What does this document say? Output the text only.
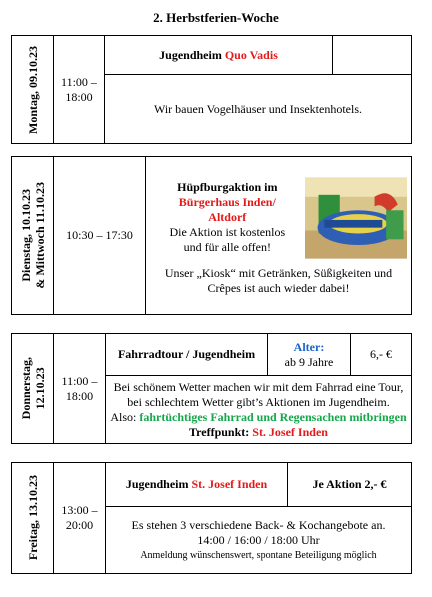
2. Herbstferien-Woche
Montag, 09.10.23	11:00 – 18:00	Jugendheim Quo Vadis	
Wir bauen Vogelhäuser und Insektenhotels.
Dienstag, 10.10.23
& Mittwoch 11.10.23	10:30 – 17:30	
Hüpfburgaktion im
Bürgerhaus Inden/
Altdorf
Die Aktion ist kostenlos
und für alle offen!
Unser „Kiosk“ mit Getränken, Süßigkeiten und
Crêpes ist auch wieder dabei!
Donnerstag,
12.10.23	11:00 – 18:00	Fahrradtour / Jugendheim	
Alter:
ab 9 Jahre
	6,- €

Bei schönem Wetter machen wir mit dem Fahrrad eine Tour,
bei schlechtem Wetter gibt’s Aktionen im Jugendheim.
Also: fahrtüchtiges Fahrrad und Regensachen mitbringen
Treffpunkt: St. Josef Inden
Freitag, 13.10.23	13:00 – 20:00	Jugendheim St. Josef Inden	Je Aktion 2,- €

Es stehen 3 verschiedene Back- & Kochangebote an.
14:00 / 16:00 / 18:00 Uhr
Anmeldung wünschenswert, spontane Beteiligung möglich
